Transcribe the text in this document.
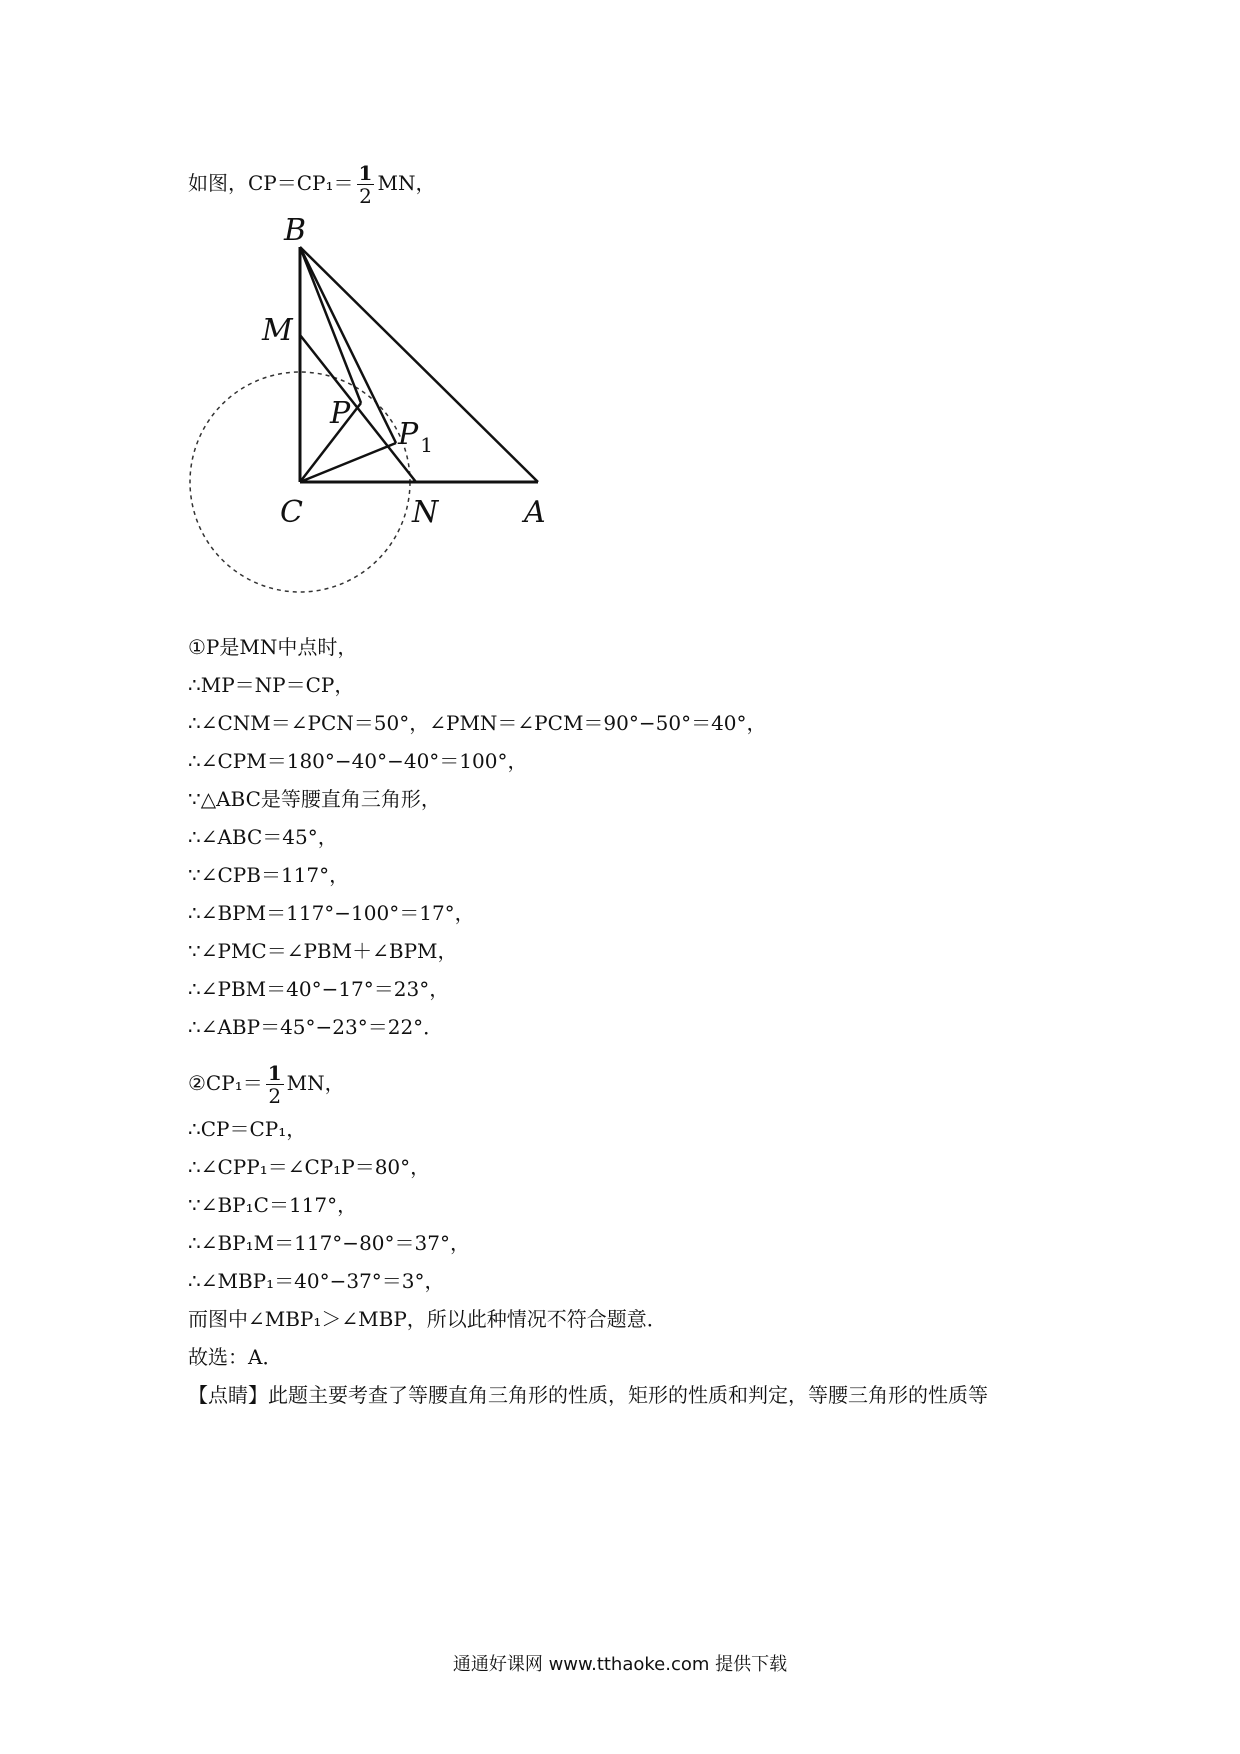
如图，$CP=CP_1= \frac{1}{2}$ MN，
B
M
P
P $_1$
C	N	A
①P是MN中点时，
∴MP＝NP＝CP，
∴∠CNM＝∠PCN＝50°，∠PMN＝∠PCM＝90°−50°＝40°，
∴∠CPM＝180°−40°−40°＝100°，
∵△ABC是等腰直角三角形，
∴∠ABC＝45°，
∵∠CPB＝117°，
∴∠BPM＝117°−100°＝17°，
∵∠PMC＝∠PBM＋∠BPM，
∴∠PBM＝40°−17°＝23°，
∴∠ABP＝45°−23°＝22°．
②CP₁＝ $\frac{1}{2}$ MN，
∴CP＝CP₁，
∴∠CPP₁＝∠CP₁P＝80°，
∵∠BP₁C＝117°，
∴∠BP₁M＝117°−80°＝37°，
∴∠MBP₁＝40°−37°＝3°，
而图中∠MBP₁＞∠MBP，所以此种情况不符合题意．
故选：A．
【点睛】此题主要考查了等腰直角三角形的性质，矩形的性质和判定，等腰三角形的性质等
通通好课网 www.tthaoke.com 提供下载
